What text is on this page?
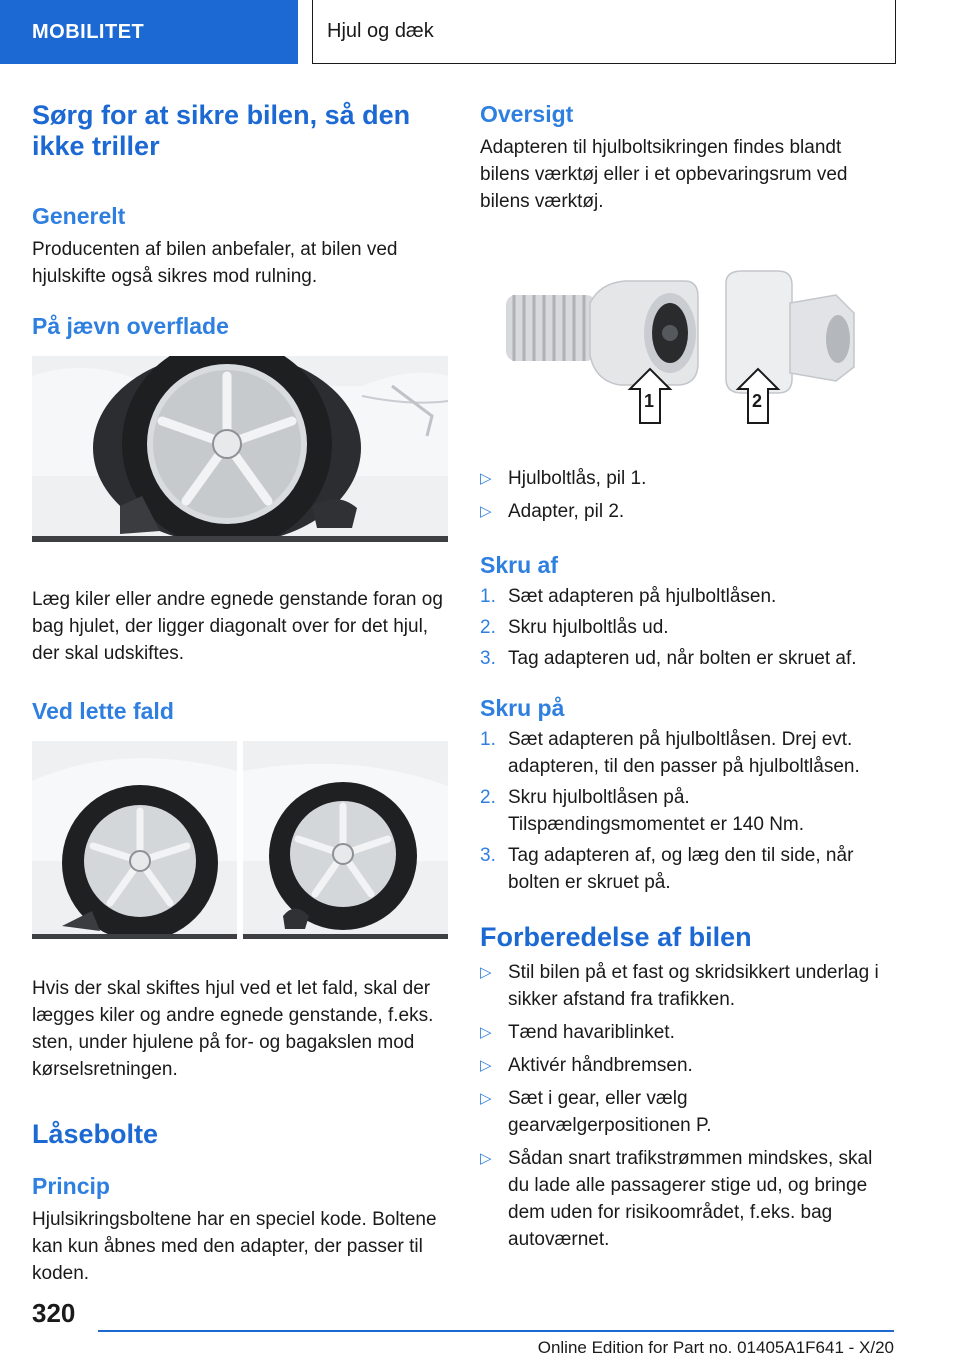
MOBILITET	Hjul og dæk
Sørg for at sikre bilen, så den ikke triller
Generelt

Producenten af bilen anbefaler, at bilen ved hjulskifte også sikres mod rulning.

På jævn overflade

Læg kiler eller andre egnede genstande foran og bag hjulet, der ligger diagonalt over for det hjul, der skal udskiftes.

Ved lette fald

Hvis der skal skiftes hjul ved et let fald, skal der lægges kiler og andre egnede genstande, f.eks. sten, under hjulene på for- og bagakslen mod kørselsretningen.

Låsebolte
Princip

Hjulsikringsboltene har en speciel kode. Boltene kan kun åbnes med den adapter, der passer til koden.

Oversigt

Adapteren til hjulboltsikringen findes blandt bilens værktøj eller i et opbevaringsrum ved bilens værktøj.

1	2
▷ Hjulboltlås, pil 1.
▷ Adapter, pil 2.
Skru af
1. Sæt adapteren på hjulboltlåsen.
2. Skru hjulboltlås ud.
3. Tag adapteren ud, når bolten er skruet af.
Skru på
1. Sæt adapteren på hjulboltlåsen. Drej evt. adapteren, til den passer på hjulboltlåsen.
2. Skru hjulboltlåsen på. Tilspændingsmomentet er 140 Nm.
3. Tag adapteren af, og læg den til side, når bolten er skruet på.
Forberedelse af bilen
▷ Stil bilen på et fast og skridsikkert underlag i sikker afstand fra trafikken.
▷ Tænd havariblinket.
▷ Aktivér håndbremsen.
▷ Sæt i gear, eller vælg gearvælgerpositionen P.
▷ Sådan snart trafikstrømmen mindskes, skal du lade alle passagerer stige ud, og bringe dem uden for risikoområdet, f.eks. bag autoværnet.
320
Online Edition for Part no. 01405A1F641 - X/20
